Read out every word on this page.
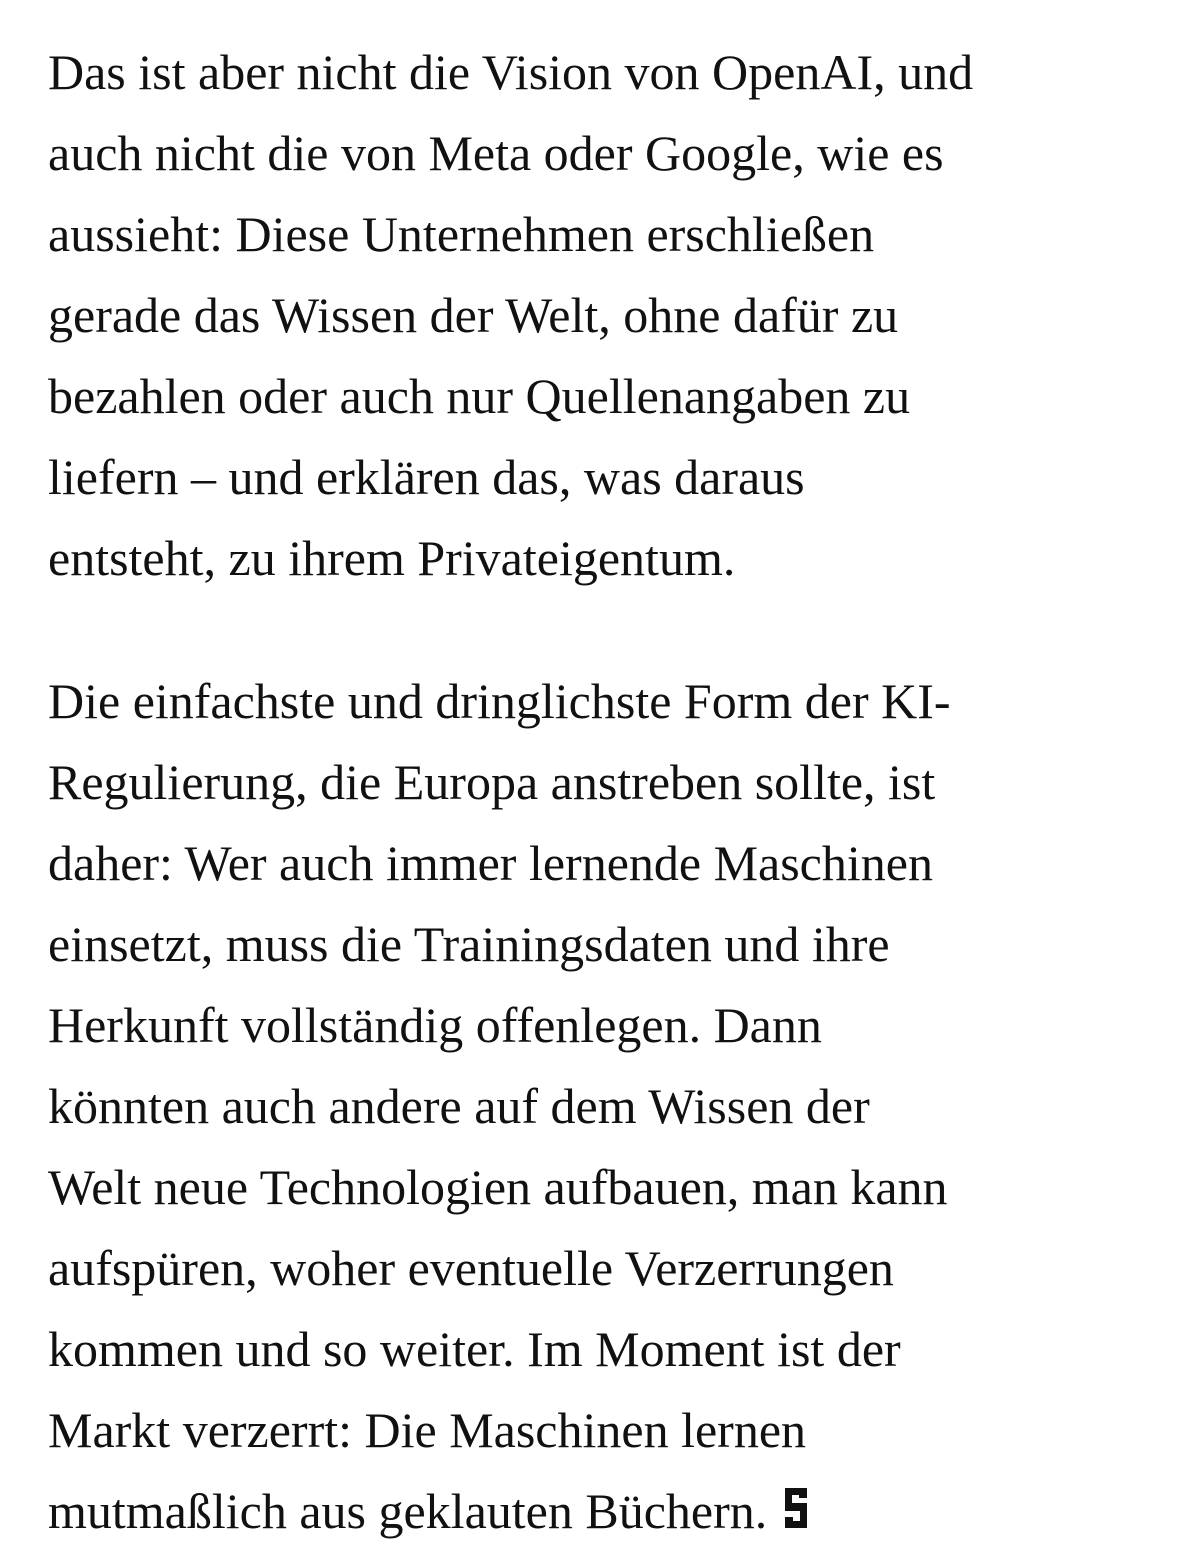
Das ist aber nicht die Vision von OpenAI, und
auch nicht die von Meta oder Google, wie es
aussieht: Diese Unternehmen erschließen
gerade das Wissen der Welt, ohne dafür zu
bezahlen oder auch nur Quellenangaben zu
liefern – und erklären das, was daraus
entsteht, zu ihrem Privateigentum.

Die einfachste und dringlichste Form der KI-
Regulierung, die Europa anstreben sollte, ist
daher: Wer auch immer lernende Maschinen
einsetzt, muss die Trainingsdaten und ihre
Herkunft vollständig offenlegen. Dann
könnten auch andere auf dem Wissen der
Welt neue Technologien aufbauen, man kann
aufspüren, woher eventuelle Verzerrungen
kommen und so weiter. Im Moment ist der
Markt verzerrt: Die Maschinen lernen
mutmaßlich aus geklauten Büchern.
